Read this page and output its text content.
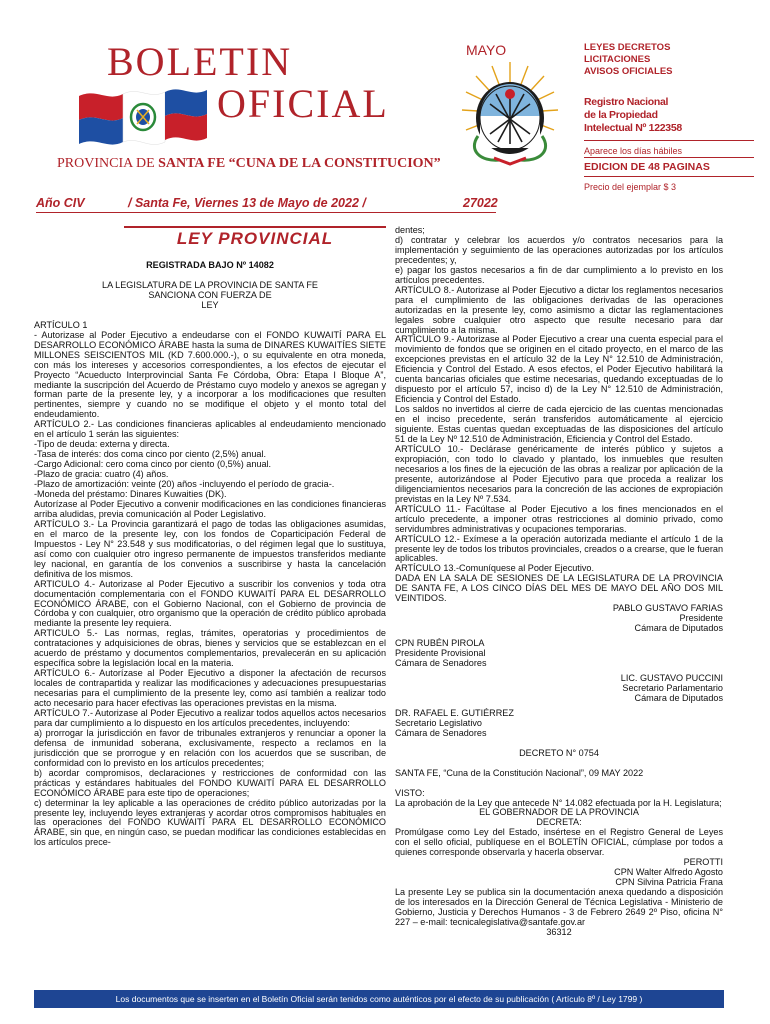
BOLETIN
OFICIAL
PROVINCIA DE SANTA FE “CUNA DE LA CONSTITUCION”
MAYO	LEYES DECRETOS
LICITACIONES
AVISOS OFICIALES
Registro Nacional
de la Propiedad
Intelectual Nº 122358
Aparece los días hábiles
EDICION DE 48 PAGINAS
Precio del ejemplar $ 3
Año CIV	/ Santa Fe, Viernes 13 de Mayo de 2022 /	27022
LEY PROVINCIAL

REGISTRADA BAJO Nº 14082

LA LEGISLATURA DE LA PROVINCIA DE SANTA FE

SANCIONA CON FUERZA DE

LEY

ARTÍCULO 1

- Autorizase al Poder Ejecutivo a endeudarse con el FONDO KUWAITÍ PARA EL DESARROLLO ECONÓMICO ÁRABE hasta la suma de DINARES KUWAITÍES SIETE MILLONES SEISCIENTOS MIL (KD 7.600.000.-), o su equivalente en otra moneda, con más los intereses y accesorios correspondientes, a los efectos de ejecutar el Proyecto “Acueducto Interprovincial Santa Fe Córdoba, Obra: Etapa I Bloque A”, mediante la suscripción del Acuerdo de Préstamo cuyo modelo y anexos se agregan y forman parte de la presente ley, y a incorporar a los modificaciones que resulten pertinentes, siempre y cuando no se modifique el objeto y el monto total del endeudamiento.

ARTÍCULO 2.- Las condiciones financieras aplicables al endeudamiento mencionado en el artículo 1 serán las siguientes:

-Tipo de deuda: externa y directa.

-Tasa de interés: dos coma cinco por ciento (2,5%) anual.

-Cargo Adicional: cero coma cinco por ciento (0,5%) anual.

-Plazo de gracia: cuatro (4) años.

-Plazo de amortización: veinte (20) años -incluyendo el período de gracia-.

-Moneda del préstamo: Dinares Kuwaities (DK).

Autorízase al Poder Ejecutivo a convenir modificaciones en las condiciones financieras arriba aludidas, previa comunicación al Poder Legislativo.

ARTÍCULO 3.- La Provincia garantizará el pago de todas las obligaciones asumidas, en el marco de la presente ley, con los fondos de Coparticipación Federal de Impuestos - Ley N° 23.548 y sus modificatorias, o del régimen legal que lo sustituya, así como con cualquier otro ingreso permanente de impuestos transferidos mediante ley nacional, en garantía de los convenios a suscribirse y hasta la cancelación definitiva de los mismos.

ARTICULO 4.- Autorizase al Poder Ejecutivo a suscribir los convenios y toda otra documentación complementaria con el FONDO KUWAITÍ PARA EL DESARROLLO ECONÓMICO ÁRABE, con el Gobierno Nacional, con el Gobierno de provincia de Córdoba y con cualquier, otro organismo que la operación de crédito público aprobada mediante la presente ley requiera.

ARTICULO 5.- Las normas, reglas, trámites, operatorias y procedimientos de contrataciones y adquisiciones de obras, bienes y servicios que se establezcan en el acuerdo de préstamo y documentos complementarios, prevalecerán en su aplicación específica sobre la legislación local en la materia.

ARTÍCULO 6.- Autorízase al Poder Ejecutivo a disponer la afectación de recursos locales de contrapartida y realizar las modificaciones y adecuaciones presupuestarias necesarias para el cumplimiento de la presente ley, como así también a realizar todo acto necesario para hacer efectivas las operaciones previstas en la misma.

ARTÍCULO 7.- Autorizase al Poder Ejecutivo a realizar todos aquellos actos necesarios para dar cumplimiento a lo dispuesto en los artículos precedentes, incluyendo:

a) prorrogar la jurisdicción en favor de tribunales extranjeros y renunciar a oponer la defensa de inmunidad soberana, exclusivamente, respecto a reclamos en la jurisdicción que se prorrogue y en relación con los acuerdos que se suscriban, de conformidad con lo previsto en los artículos precedentes;

b) acordar compromisos, declaraciones y restricciones de conformidad con las prácticas y estándares habituales del FONDO KUWAITÍ PARA EL DESARROLLO ECONÓMICO ÁRABE para este tipo de operaciones;

c) determinar la ley aplicable a las operaciones de crédito público autorizadas por la presente ley, incluyendo leyes extranjeras y acordar otros compromisos habituales en las operaciones del FONDO KUWAITÍ PARA EL DESARROLLO ECONÓMICO ÁRABE, sin que, en ningún caso, se puedan modificar las condiciones establecidas en los artículos prece-

dentes;

d) contratar y celebrar los acuerdos y/o contratos necesarios para la implementación y seguimiento de las operaciones autorizadas por los artículos precedentes; y,

e) pagar los gastos necesarios a fin de dar cumplimiento a lo previsto en los artículos precedentes.

ARTÍCULO 8.- Autorizase al Poder Ejecutivo a dictar los reglamentos necesarios para el cumplimiento de las obligaciones derivadas de las operaciones autorizadas en la presente ley, como asimismo a dictar las reglamentaciones legales sobre cualquier otro aspecto que resulte necesario para dar cumplimiento a la misma.

ARTÍCULO 9.- Autorizase al Poder Ejecutivo a crear una cuenta especial para el movimiento de fondos que se originen en el citado proyecto, en el marco de las excepciones previstas en el artículo 32 de la Ley N° 12.510 de Administración, Eficiencia y Control del Estado. A esos efectos, el Poder Ejecutivo habilitará la cuenta bancarias oficiales que estime necesarias, quedando exceptuadas de lo dispuesto por el artículo 57, inciso d) de la Ley N° 12.510 de Administración, Eficiencia y Control del Estado.

Los saldos no invertidos al cierre de cada ejercicio de las cuentas mencionadas en el inciso precedente, serán transferidos automáticamente al ejercicio siguiente. Estas cuentas quedan exceptuadas de las disposiciones del artículo 51 de la Ley Nº 12.510 de Administración, Eficiencia y Control del Estado.

ARTÍCULO 10.- Declárase genéricamente de interés público y sujetos a expropiación, con todo lo clavado y plantado, los inmuebles que resulten necesarios a los fines de la ejecución de las obras a realizar por aplicación de la presente, autorizándose al Poder Ejecutivo para que proceda a realizar los diligenciamientos necesarios para la concreción de las acciones de expropiación previstas en la Ley Nº 7.534.

ARTÍCULO 11.- Facúltase al Poder Ejecutivo a los fines mencionados en el artículo precedente, a imponer otras restricciones al dominio privado, como servidumbres administrativas y ocupaciones temporarias.

ARTÍCULO 12.- Exímese a la operación autorizada mediante el artículo 1 de la presente ley de todos los tributos provinciales, creados o a crearse, que le fueran aplicables.

ARTÍCULO 13.-Comuníquese al Poder Ejecutivo.

DADA EN LA SALA DE SESIONES DE LA LEGISLATURA DE LA PROVINCIA DE SANTA FE, A LOS CINCO DÍAS DEL MES DE MAYO DEL AÑO DOS MIL VEINTIDOS.

PABLO GUSTAVO FARIAS

Presidente

Cámara de Diputados

CPN RUBÉN PIROLA

Presidente Provisional

Cámara de Senadores

LIC. GUSTAVO PUCCINI

Secretario Parlamentario

Cámara de Diputados

DR. RAFAEL E. GUTIÉRREZ

Secretario Legislativo

Cámara de Senadores

DECRETO N° 0754

SANTA FE, “Cuna de la Constitución Nacional”, 09 MAY 2022

VISTO:

La aprobación de la Ley que antecede N° 14.082 efectuada por la H. Legislatura;

EL GOBERNADOR DE LA PROVINCIA

DECRETA:

Promúlgase como Ley del Estado, insértese en el Registro General de Leyes con el sello oficial, publíquese en el BOLETÍN OFICIAL, cúmplase por todos a quienes corresponde observarla y hacerla observar.

PEROTTI

CPN Walter Alfredo Agosto

CPN Silvina Patricia Frana

La presente Ley se publica sin la documentación anexa quedando a disposición de los interesados en la Dirección General de Técnica Legislativa - Ministerio de Gobierno, Justicia y Derechos Humanos - 3 de Febrero 2649 2º Piso, oficina N° 227 – e-mail: tecnicalegislativa@santafe.gov.ar

36312

Los documentos que se inserten en el Boletín Oficial serán tenidos como auténticos por el efecto de su publicación ( Artículo 8º / Ley 1799 )
